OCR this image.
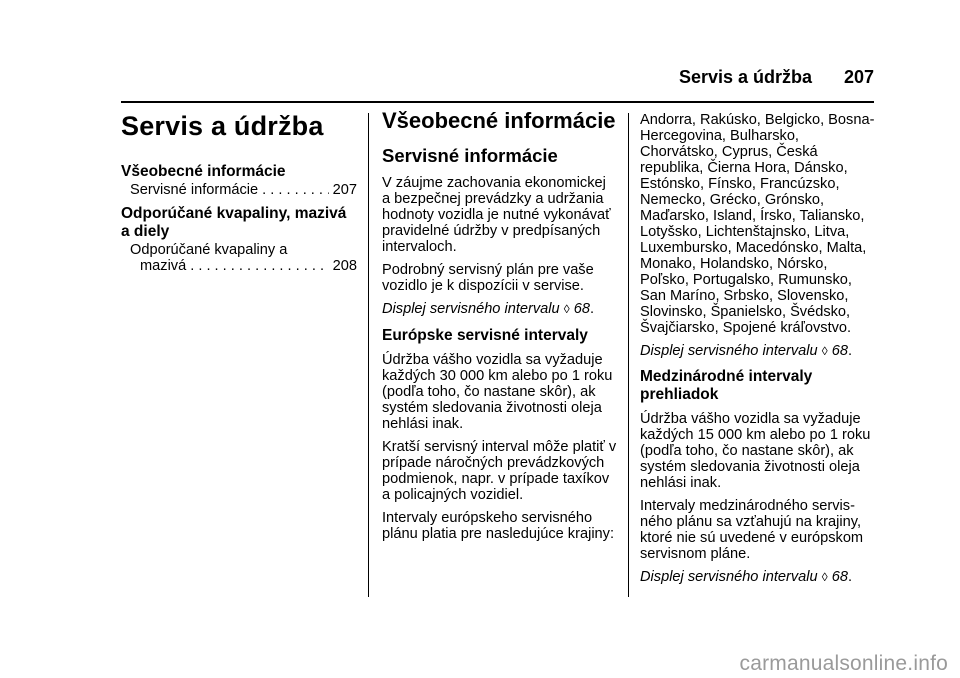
Servis a údržba 207
Servis a údržba
Všeobecné informácie
Servisné informácie . . .	207
Odporúčané kvapaliny, mazivá
a diely
Odporúčané kvapaliny a
mazivá . . .	208
Všeobecné informácie
Servisné informácie

V záujme zachovania ekonomickej

a bezpečnej prevádzky a udržania

hodnoty vozidla je nutné vykonávať

pravidelné údržby v predpísaných

intervaloch.

Podrobný servisný plán pre vaše

vozidlo je k dispozícii v servise.

Displej servisného intervalu ◊ 68.

Európske servisné intervaly

Údržba vášho vozidla sa vyžaduje

každých 30 000 km alebo po 1 roku

(podľa toho, čo nastane skôr), ak

systém sledovania životnosti oleja

nehlási inak.

Kratší servisný interval môže platiť v

prípade náročných prevádzkových

podmienok, napr. v prípade taxíkov

a policajných vozidiel.

Intervaly európskeho servisného

plánu platia pre nasledujúce krajiny:

Andorra, Rakúsko, Belgicko, Bosna-

Hercegovina, Bulharsko,

Chorvátsko, Cyprus, Česká

republika, Čierna Hora, Dánsko,

Estónsko, Fínsko, Francúzsko,

Nemecko, Grécko, Grónsko,

Maďarsko, Island, Írsko, Taliansko,

Lotyšsko, Lichtenštajnsko, Litva,

Luxembursko, Macedónsko, Malta,

Monako, Holandsko, Nórsko,

Poľsko, Portugalsko, Rumunsko,

San Maríno, Srbsko, Slovensko,

Slovinsko, Španielsko, Švédsko,

Švajčiarsko, Spojené kráľovstvo.

Displej servisného intervalu ◊ 68.

Medzinárodné intervaly
prehliadok

Údržba vášho vozidla sa vyžaduje

každých 15 000 km alebo po 1 roku

(podľa toho, čo nastane skôr), ak

systém sledovania životnosti oleja

nehlási inak.

Intervaly medzinárodného servis-

ného plánu sa vzťahujú na krajiny,

ktoré nie sú uvedené v európskom

servisnom pláne.

Displej servisného intervalu ◊ 68.

carmanualsonline.info
